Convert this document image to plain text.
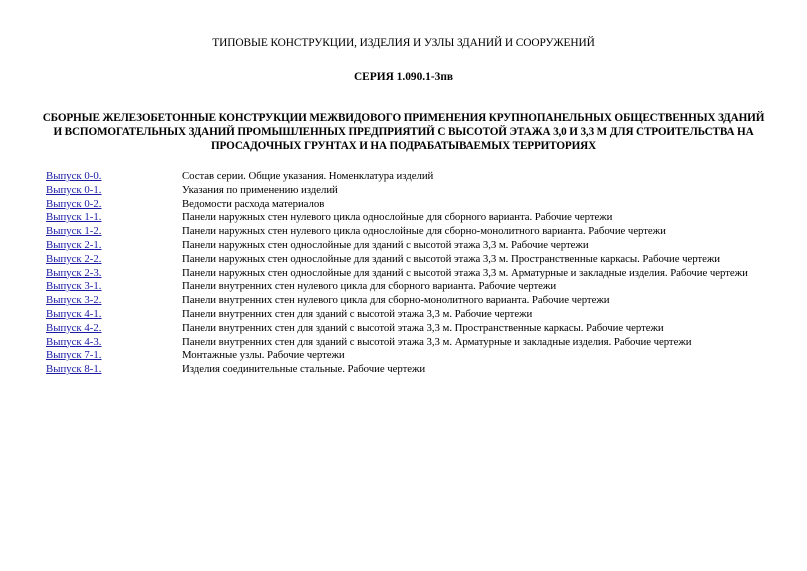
ТИПОВЫЕ КОНСТРУКЦИИ, ИЗДЕЛИЯ И УЗЛЫ ЗДАНИЙ И СООРУЖЕНИЙ
СЕРИЯ 1.090.1-3пв
СБОРНЫЕ ЖЕЛЕЗОБЕТОННЫЕ КОНСТРУКЦИИ МЕЖВИДОВОГО ПРИМЕНЕНИЯ КРУПНОПАНЕЛЬНЫХ ОБЩЕСТВЕННЫХ ЗДАНИЙ И ВСПОМОГАТЕЛЬНЫХ ЗДАНИЙ ПРОМЫШЛЕННЫХ ПРЕДПРИЯТИЙ С ВЫСОТОЙ ЭТАЖА 3,0 И 3,3 М ДЛЯ СТРОИТЕЛЬСТВА НА ПРОСАДОЧНЫХ ГРУНТАХ И НА ПОДРАБАТЫВАЕМЫХ ТЕРРИТОРИЯХ
Выпуск 0-0.	Состав серии. Общие указания. Номенклатура изделий
Выпуск 0-1.	Указания по применению изделий
Выпуск 0-2.	Ведомости расхода материалов
Выпуск 1-1.	Панели наружных стен нулевого цикла однослойные для сборного варианта. Рабочие чертежи
Выпуск 1-2.	Панели наружных стен нулевого цикла однослойные для сборно-монолитного варианта. Рабочие чертежи
Выпуск 2-1.	Панели наружных стен однослойные для зданий с высотой этажа 3,3 м. Рабочие чертежи
Выпуск 2-2.	Панели наружных стен однослойные для зданий с высотой этажа 3,3 м. Пространственные каркасы. Рабочие чертежи
Выпуск 2-3.	Панели наружных стен однослойные для зданий с высотой этажа 3,3 м. Арматурные и закладные изделия. Рабочие чертежи
Выпуск 3-1.	Панели внутренних стен нулевого цикла для сборного варианта. Рабочие чертежи
Выпуск 3-2.	Панели внутренних стен нулевого цикла для сборно-монолитного варианта. Рабочие чертежи
Выпуск 4-1.	Панели внутренних стен для зданий с высотой этажа 3,3 м. Рабочие чертежи
Выпуск 4-2.	Панели внутренних стен для зданий с высотой этажа 3,3 м. Пространственные каркасы. Рабочие чертежи
Выпуск 4-3.	Панели внутренних стен для зданий с высотой этажа 3,3 м. Арматурные и закладные изделия. Рабочие чертежи
Выпуск 7-1.	Монтажные узлы. Рабочие чертежи
Выпуск 8-1.	Изделия соединительные стальные. Рабочие чертежи
